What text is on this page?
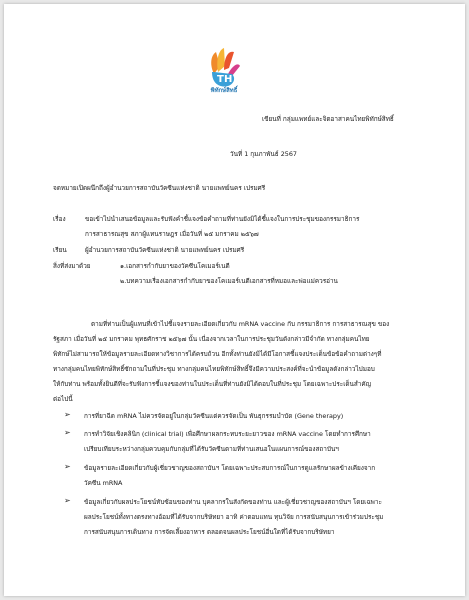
T H
พิทักษ์สิทธิ์
เขียนที่ กลุ่มแพทย์และจิตอาสาคนไทยพิทักษ์สิทธิ์
วันที่ 1 กุมภาพันธ์ 2567
จดหมายเปิดผนึกถึงผู้อำนวยการสถาบันวัคซีนแห่งชาติ นายแพทย์นคร เปรมศรี
เรื่อง	ขอเข้าไปนำเสนอข้อมูลและรับฟังคำชี้แจงข้อคำถามที่ท่านยังมิได้ชี้แจงในการประชุมของกรรมาธิการ
การสาธารณสุข สภาผู้แทนราษฎร เมื่อวันที่ ๒๕ มกราคม ๒๕๖๗
เรียน	ผู้อำนวยการสถาบันวัคซีนแห่งชาติ นายแพทย์นคร เปรมศรี
สิ่งที่ส่งมาด้วย	๑.เอกสารกำกับยาของวัคซีนโคเมอร์เนตี
๒.บทความเรื่องเอกสารกำกับยาของโคเมอร์เนตีเอกสารที่หมอและพ่อแม่ควรอ่าน
ตามที่ท่านเป็นผู้แทนที่เข้าไปชี้แจงรายละเอียดเกี่ยวกับ mRNA vaccine กับ กรรมาธิการ การสาธารณสุข ของ
รัฐสภา เมื่อวันที่ ๒๕ มกราคม พุทธศักราช ๒๕๖๗ นั้น เนื่องจากเวลาในการประชุมวันดังกล่าวมีจำกัด ทางกลุ่มคนไทย
พิทักษ์ไม่สามารถให้ข้อมูลรายละเอียดทางวิชาการได้ครบถ้วน อีกทั้งท่านยังมิได้มีโอกาสชี้แจงประเด็นข้อข้อคำถามต่างๆที่
ทางกลุ่มคนไทยพิทักษ์สิทธิ์ซักถามในที่ประชุม ทางกลุ่มคนไทยพิทักษ์สิทธิ์จึงมีความประสงค์ที่จะนำข้อมูลดังกล่าวไปมอบ
ให้กับท่าน พร้อมทั้งยินดีที่จะรับฟังการชี้แจงของท่านในประเด็นที่ท่านยังมิได้ตอบในที่ประชุม โดยเฉพาะประเด็นสำคัญ
ต่อไปนี้
➢ การที่ยาฉีด mRNA ไม่ควรจัดอยู่ในกลุ่มวัคซีนแต่ควรจัดเป็น พันธุกรรมบำบัด (Gene therapy)
➢ การทำวิจัยเชิงคลินิก (clinical trial) เพื่อศึกษาผลกระทบระยะยาวของ mRNA vaccine โดยทำการศึกษา
เปรียบเทียบระหว่างกลุ่มควบคุมกับกลุ่มที่ได้รับวัคซีนตามที่ท่านเสนอในแผนการณ์ของสถาบันฯ
➢ ข้อมูลรายละเอียดเกี่ยวกับผู้เชี่ยวชาญของสถาบันฯ โดยเฉพาะประสบการณ์ในการดูแลรักษาผลข้างเคียงจาก
วัคซีน mRNA
➢ ข้อมูลเกี่ยวกับผลประโยชน์ทับซ้อนของท่าน บุคลากรในสังกัดของท่าน และผู้เชี่ยวชาญของสถาบันฯ โดยเฉพาะ
ผลประโยชน์ทั้งทางตรงทางอ้อมที่ได้รับจากบริษัทยา อาทิ ค่าตอบแทน ทุนวิจัย การสนับสนุนการเข้าร่วมประชุม
การสนับสนุนการเดินทาง การจัดเลี้ยงอาหาร ตลอดจนผลประโยชน์อื่นใดที่ได้รับจากบริษัทยา
